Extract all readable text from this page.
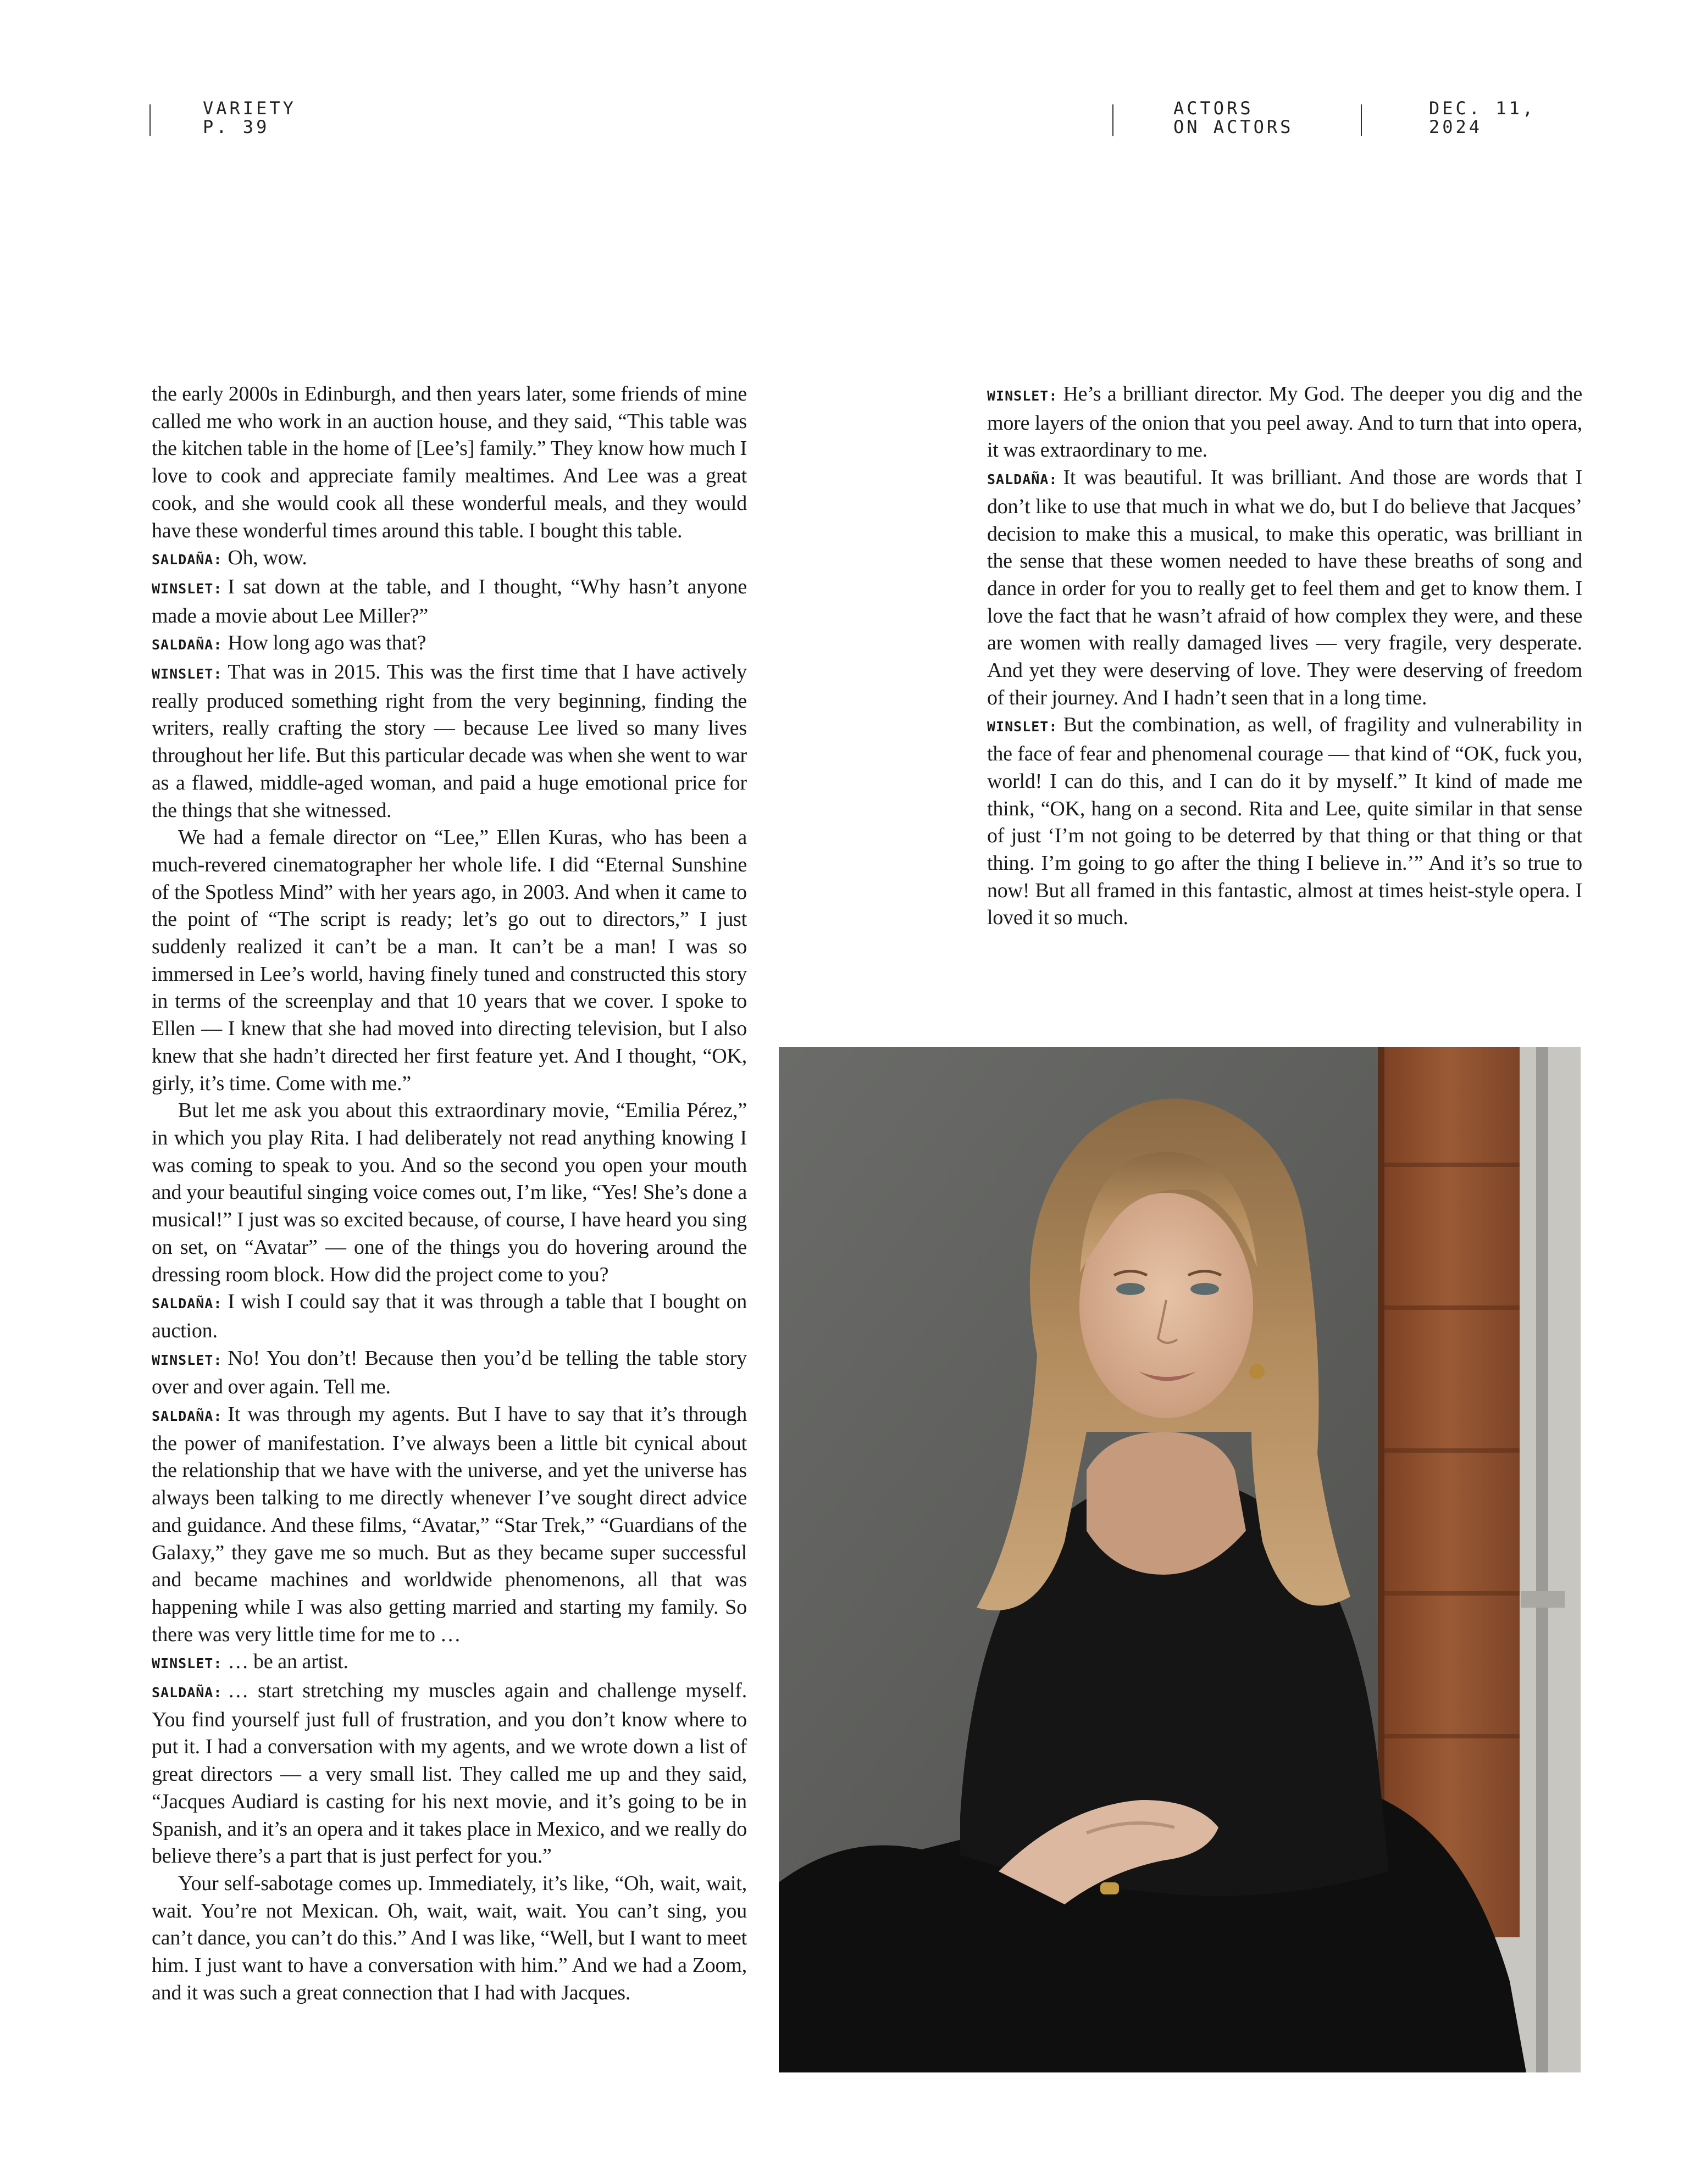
VARIETY
P. 39
ACTORS
ON ACTORS
DEC. 11,
2024

the early 2000s in Edinburgh, and then years later, some friends of mine called me who work in an auction house, and they said, “This table was the kitchen table in the home of [Lee’s] family.” They know how much I love to cook and appreciate family mealtimes. And Lee was a great cook, and she would cook all these wonderful meals, and they would have these wonderful times around this table. I bought this table.

SALDAÑA: Oh, wow.

WINSLET: I sat down at the table, and I thought, “Why hasn’t anyone made a movie about Lee Miller?”

SALDAÑA: How long ago was that?

WINSLET: That was in 2015. This was the first time that I have actively really produced something right from the very beginning, finding the writers, really crafting the story — because Lee lived so many lives throughout her life. But this particular decade was when she went to war as a flawed, middle-aged woman, and paid a huge emotional price for the things that she witnessed.

We had a female director on “Lee,” Ellen Kuras, who has been a much-revered cinematographer her whole life. I did “Eternal Sunshine of the Spotless Mind” with her years ago, in 2003. And when it came to the point of “The script is ready; let’s go out to directors,” I just suddenly realized it can’t be a man. It can’t be a man! I was so immersed in Lee’s world, having finely tuned and constructed this story in terms of the screenplay and that 10 years that we cover. I spoke to Ellen — I knew that she had moved into directing television, but I also knew that she hadn’t directed her first feature yet. And I thought, “OK, girly, it’s time. Come with me.”

But let me ask you about this extraordinary movie, “Emilia Pérez,” in which you play Rita. I had deliberately not read anything knowing I was coming to speak to you. And so the second you open your mouth and your beautiful singing voice comes out, I’m like, “Yes! She’s done a musical!” I just was so excited because, of course, I have heard you sing on set, on “Avatar” — one of the things you do hovering around the dressing room block. How did the project come to you?

SALDAÑA: I wish I could say that it was through a table that I bought on auction.

WINSLET: No! You don’t! Because then you’d be telling the table story over and over again. Tell me.

SALDAÑA: It was through my agents. But I have to say that it’s through the power of manifestation. I’ve always been a little bit cynical about the relationship that we have with the universe, and yet the universe has always been talking to me directly whenever I’ve sought direct advice and guidance. And these films, “Avatar,” “Star Trek,” “Guardians of the Galaxy,” they gave me so much. But as they became super successful and became machines and worldwide phenomenons, all that was happening while I was also getting married and starting my family. So there was very little time for me to …

WINSLET: … be an artist.

SALDAÑA: … start stretching my muscles again and challenge myself. You find yourself just full of frustration, and you don’t know where to put it. I had a conversation with my agents, and we wrote down a list of great directors — a very small list. They called me up and they said, “Jacques Audiard is casting for his next movie, and it’s going to be in Spanish, and it’s an opera and it takes place in Mexico, and we really do believe there’s a part that is just perfect for you.”

Your self-sabotage comes up. Immediately, it’s like, “Oh, wait, wait, wait. You’re not Mexican. Oh, wait, wait, wait. You can’t sing, you can’t dance, you can’t do this.” And I was like, “Well, but I want to meet him. I just want to have a conversation with him.” And we had a Zoom, and it was such a great connection that I had with Jacques.

WINSLET: He’s a brilliant director. My God. The deeper you dig and the more layers of the onion that you peel away. And to turn that into opera, it was extraordinary to me.

SALDAÑA: It was beautiful. It was brilliant. And those are words that I don’t like to use that much in what we do, but I do believe that Jacques’ decision to make this a musical, to make this operatic, was brilliant in the sense that these women needed to have these breaths of song and dance in order for you to really get to feel them and get to know them. I love the fact that he wasn’t afraid of how complex they were, and these are women with really damaged lives — very fragile, very desperate. And yet they were deserving of love. They were deserving of freedom of their journey. And I hadn’t seen that in a long time.

WINSLET: But the combination, as well, of fragility and vulnerability in the face of fear and phenomenal courage — that kind of “OK, fuck you, world! I can do this, and I can do it by myself.” It kind of made me think, “OK, hang on a second. Rita and Lee, quite similar in that sense of just ‘I’m not going to be deterred by that thing or that thing or that thing. I’m going to go after the thing I believe in.’” And it’s so true to now! But all framed in this fantastic, almost at times heist-style opera. I loved it so much.
